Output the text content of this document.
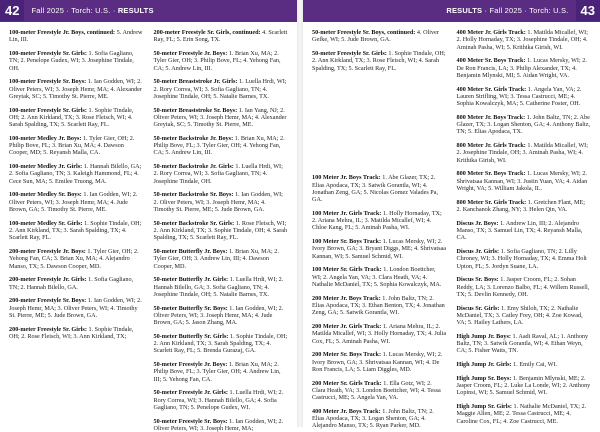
42	Fall 2025 · Torch: U.S. · RESULTS

100-meter Freestyle Jr. Boys, continued: 5. Andrew Lin, III.

100-meter Freestyle Sr. Girls: 1. Sofia Gagliano, TN; 2. Penelope Gudex, WI; 3. Josephine Tindale, OH.

100-meter Freestyle Sr. Boys: 1. Ian Godden, WI; 2. Oliver Peters, WI; 3. Joseph Hemr, MA; 4. Alexander Greytak, SC; 5. Timothy St. Pierre, ME.

100-meter Freestyle Sr. Girls: 1. Sophie Tindale, OH; 2. Ann Kirkland, TX; 3. Rose Fleisch, WI; 4. Sarah Spalding, TX; 5. Scarlett Ray, FL.

100-meter Medley Jr. Boys: 1. Tyler Gier, OH; 2. Philip Bove, FL; 3. Brian Xu, MA; 4. Dawson Cooper, MD; 5. Reyansh Malla, CA.

100-meter Medley Jr. Girls: 1. Hannah Bilello, GA; 2. Sofia Gagliano, TN; 3. Kaleigh Hammond, FL; 4. Cece Sun, MA; 5. Emilee Truong, MA.

100-meter Medley Sr. Boys: 1. Ian Godden, WI; 2. Oliver Peters, WI; 3. Joseph Hemr, MA; 4. Jude Brown, GA; 5. Timothy St. Pierre, ME.

100-meter Medley Sr. Girls: 1. Sophie Tindale, OH; 2. Ann Kirkland, TX; 3. Sarah Spalding, TX; 4. Scarlett Ray, FL.

200-meter Freestyle Jr. Boys: 1. Tyler Gier, OH; 2. Yehong Fan, CA; 3. Brian Xu, MA; 4. Alejandro Manso, TX; 5. Dawson Cooper, MD.

200-meter Freestyle Jr. Girls: 1. Sofia Gagliano, TN; 2. Hannah Bilello, GA.

200-meter Freestyle Sr. Boys: 1. Ian Godden, WI; 2. Joseph Hemr, MA; 3. Oliver Peters, WI; 4. Timothy St. Pierre, ME; 5. Jude Brown, GA.

200-meter Freestyle Sr. Girls: 1. Sophie Tindale, OH; 2. Rose Fleisch, WI; 3. Ann Kirkland, TX;

200-meter Freestyle Sr. Girls, continued: 4. Scarlett Ray, FL; 5. Erin Song, TX.

50-meter Freestyle Jr. Boys: 1. Brian Xu, MA; 2. Tyler Gier, OH; 3. Philip Bove, FL; 4. Yehong Fan, CA; 5. Andrew Lin, III.

50-meter Breaststroke Jr. Girls: 1. Luella Hrdi, WI; 2. Rory Correa, WI; 3. Sofia Gagliano, TN; 4. Josephine Tindale, OH; 5. Natalie Barnes, TX.

50-meter Breaststroke Sr. Boys: 1. Ian Yang, NJ; 2. Oliver Peters, WI; 3. Joseph Hemr, MA; 4. Alexander Greytak, SC; 5. Timothy St. Pierre, ME.

50-meter Backstroke Jr. Boys: 1. Brian Xu, MA; 2. Philip Bove, FL; 3. Tyler Gier, OH; 4. Yehong Fan, CA; 5. Andrew Lin, III.

50-meter Backstroke Jr. Girls: 1. Luella Hrdi, WI; 2. Rory Correa, WI; 3. Sofia Gagliano, TN; 4. Josephine Tindale, OH.

50-meter Backstroke Sr. Boys: 1. Ian Godden, WI; 2. Oliver Peters, WI; 3. Joseph Hemr, MA; 4. Timothy St. Pierre, ME; 5. Jude Brown, GA.

50-meter Backstroke Sr. Girls: 1. Rose Fleisch, WI; 2. Ann Kirkland, TX; 3. Sophie Tindale, OH; 4. Sarah Spalding, TX; 5. Scarlett Ray, FL.

50-meter Butterfly Jr. Boys: 1. Brian Xu, MA; 2. Tyler Gier, OH; 3. Andrew Lin, III; 4. Dawson Cooper, MD.

50-meter Butterfly Jr. Girls: 1. Luella Hrdi, WI; 2. Hannah Bilello, GA; 3. Sofia Gagliano, TN; 4. Josephine Tindale, OH; 5. Natalie Barnes, TX.

50-meter Butterfly Sr. Boys: 1. Ian Godden, WI; 2. Oliver Peters, WI; 3. Joseph Hemr, MA; 4. Jude Brown, GA; 5. Jason Zhang, MA.

50-meter Butterfly Sr. Girls: 1. Sophie Tindale, OH; 2. Ann Kirkland, TX; 3. Sarah Spalding, TX; 4. Scarlett Ray, FL; 5. Brenda Gurazaj, GA.

50-meter Freestyle Jr. Boys: 1. Brian Xu, MA; 2. Philip Bove, FL; 3. Tyler Gier, OH; 4. Andrew Lin, III; 5. Yehong Fan, CA.

50-meter Freestyle Jr. Girls: 1. Luella Hrdi, WI; 2. Rory Correa, WI; 3. Hannah Bilello, GA; 4. Sofia Gagliano, TN; 5. Penelope Gudex, WI.

50-meter Freestyle Sr. Boys: 1. Ian Godden, WI; 2. Oliver Peters, WI; 3. Joseph Hemr, MA;

RESULTS · Fall 2025 · Torch: U.S. 43

50-meter Freestyle Sr. Boys, continued: 4. Oliver Gefke, WI; 5. Jude Brown, GA.

50-meter Freestyle Sr. Girls: 1. Sophie Tindale, OH; 2. Ann Kirkland, TX; 3. Rose Fleisch, WI; 4. Sarah Spalding, TX; 5. Scarlett Ray, FL.

100 Meter Jr. Boys Track: 1. Abe Glazer, TX; 2. Elias Apodaca, TX; 3. Satwik Gorantla, WI; 4. Jonathan Zeng, GA; 5. Nicolas Gomez Valades Pa, GA.

100 Meter Jr. Girls Track: 1. Holly Hornaday, TX; 2. Ariana Mehra, IL; 3. Matilda Micallef, WI; 4. Chloe Kang, FL; 5. Aminah Pasha, WI.

100 Meter Sr. Boys Track: 1. Lucas Mersky, WI; 2. Ivory Brown, GA; 3. Bryant Diggs, ME; 4. Shrivatsaa Kannan, WI; 5. Samuel Schmid, WI.

100 Meter Sr. Girls Track: 1. London Boettcher, WI; 2. Angela Yan, VA; 3. Clara Heath, VA; 4. Nathalie McDaniel, TX; 5. Sophia Kowalczyk, MA.

200 Meter Jr. Boys Track: 1. John Baltz, TN; 2. Elias Apodaca, TX; 3. Ethan Benton, TX; 4. Jonathan Zeng, GA; 5. Satwik Gorantla, WI.

200 Meter Jr. Girls Track: 1. Ariana Mehra, IL; 2. Matilda Micallef, WI; 3. Holly Hornaday, TX; 4. Julia Cox, FL; 5. Aminah Pasha, WI.

200 Meter Sr. Boys Track: 1. Lucas Mersky, WI; 2. Ivory Brown, GA; 3. Shrivatsaa Kannan, WI; 4. De Ron Francis, LA; 5. Liam Diggles, MD.

200 Meter Sr. Girls Track: 1. Ella Gotz, WI; 2. Clara Heath, VA; 3. London Boettcher, WI; 4. Tessa Castrucci, ME; 5. Angela Yan, VA.

400 Meter Jr. Boys Track: 1. John Baltz, TN; 2. Elias Apodaca, TX; 3. Logan Shenton, GA; 4. Alejandro Manso, TX; 5. Ryan Parker, MD.

400 Meter Jr. Girls Track: 1. Matilda Micallef, WI; 2. Holly Hornaday, TX; 3. Josephine Tindale, OH; 4. Aminah Pasha, WI; 5. Krithika Girish, WI.

400 Meter Sr. Boys Track: 1. Lucas Mersky, WI; 2. De Ron Francis, LA; 3. Philip Alexander, TX; 4. Benjamin Mlynski, MI; 5. Aidan Wright, VA.

400 Meter Sr. Girls Track: 1. Angela Yan, VA; 2. Lauren Strifling, WI; 3. Tessa Castrucci, ME; 4. Sophia Kowalczyk, MA; 5. Catherine Foster, OH.

800 Meter Jr. Boys Track: 1. John Baltz, TN; 2. Abe Glazer, TX; 3. Logan Shenton, GA; 4. Anthony Baltz, TN; 5. Elias Apodaca, TX.

800 Meter Jr. Girls Track: 1. Matilda Micallef, WI; 2. Josephine Tindale, OH; 3. Aminah Pasha, WI; 4. Krithika Girish, WI.

800 Meter Sr. Boys Track: 1. Lucas Mersky, WI; 2. Shrivatsaa Kannan, WI; 3. Justin Yuan, VA; 4. Aidan Wright, VA; 5. William Jakola, IL.

800 Meter Sr. Girls Track: 1. Gretchen Flant, ME; 2. Kanchanok Zhang, NY; 3. Helen Qin, VA.

Discus Jr. Boys: 1. Andrew Lin, III; 2. Alejandro Manso, TX; 3. Samuel Lin, TX; 4. Reyansh Malla, CA.

Discus Jr. Girls: 1. Sofia Gagliano, TN; 2. Lilly Chroney, WI; 3. Holly Hornaday, TX; 4. Emma Holt Upton, FL; 5. Jordyn Suane, LA.

Discus Sr. Boys: 1. Jasper Croom, FL; 2. Sohan Reddy, LA; 3. Lorenzo Balbo, FL; 4. Willem Russell, TX; 5. Devlin Kennedy, OH.

Discus Sr. Girls: 1. Emy Shiloh, TX; 2. Nathalie McDaniel, TX; 3. Catley Frey, OH; 4. Zoe Kowad, VA; 5. Hailey Lathers, LA.

High Jump Jr. Boys: 1. Aadi Raval, AL; 1. Anthony Baltz, TN; 3. Satwik Gorantla, WI; 4. Ethan Weyn, CA; 5. Fisher Watts, TN.

High Jump Jr. Girls: 1. Emily Cai, WI.

High Jump Sr. Boys: 1. Benjamin Mlynski, ME; 2. Jasper Croom, FL; 2. Luke La Londe, WI; 2. Anthony Lopinsi, WI; 5. Samuel Schmid, WI.

High Jump Sr. Girls: 1. Nathalie McDaniel, TX; 2. Maggie Allen, ME; 2. Tessa Castrucci, ME; 4. Caroline Cox, FL; 4. Zoe Castrucci, ME.
